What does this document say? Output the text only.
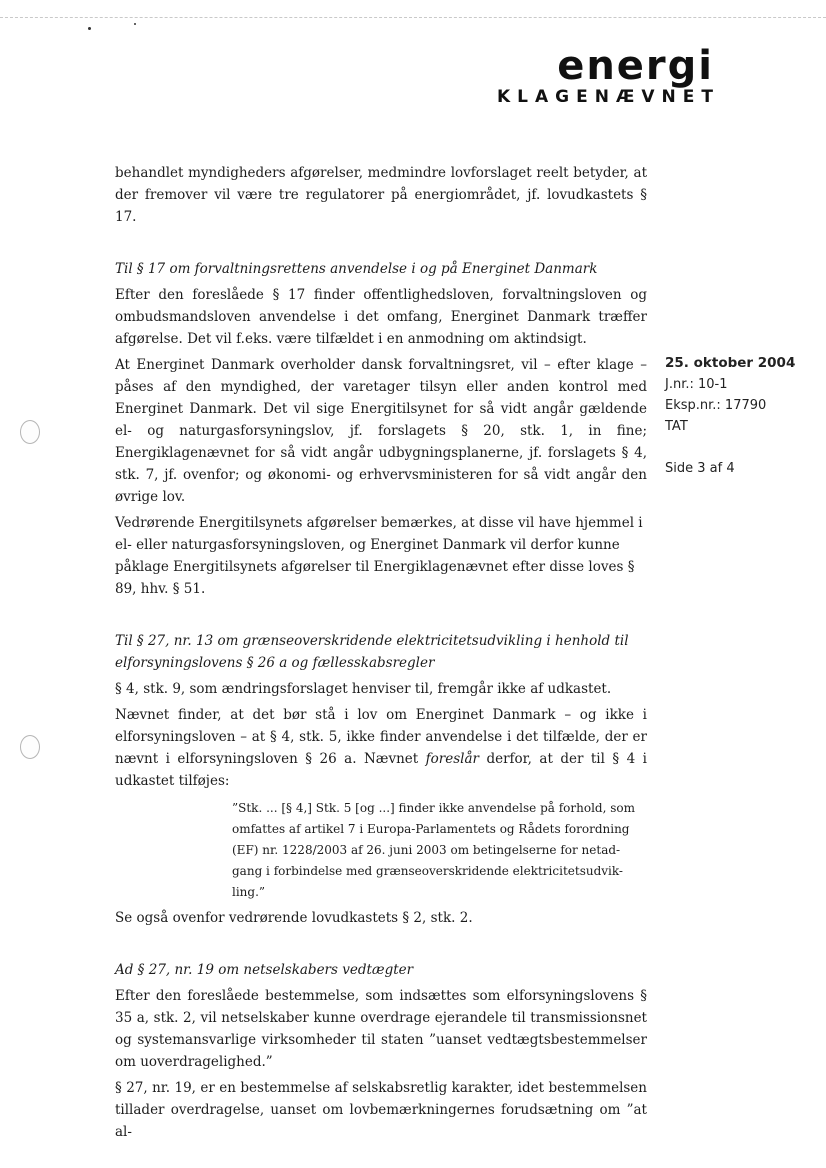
energi
KLAGENÆVNET
25. oktober 2004
J.nr.: 10-1
Eksp.nr.: 17790
TAT
Side 3 af 4

behandlet myndigheders afgørelser, medmindre lovforslaget reelt betyder, at der fremover vil være tre regulatorer på energiområdet, jf. lovudkastets § 17.

Til § 17 om forvaltningsrettens anvendelse i og på Energinet Danmark

Efter den foreslåede § 17 finder offentlighedsloven, forvaltningsloven og ombudsmandsloven anvendelse i det omfang, Energinet Danmark træffer afgørelse. Det vil f.eks. være tilfældet i en anmodning om aktindsigt.

At Energinet Danmark overholder dansk forvaltningsret, vil – efter klage – påses af den myndighed, der varetager tilsyn eller anden kontrol med Energinet Danmark. Det vil sige Energitilsynet for så vidt angår gældende el- og naturgasforsyningslov, jf. forslagets § 20, stk. 1, in fine; Energiklagenævnet for så vidt angår udbygningsplanerne, jf. forslagets § 4, stk. 7, jf. ovenfor; og økonomi- og erhvervsministeren for så vidt angår den øvrige lov.

Vedrørende Energitilsynets afgørelser bemærkes, at disse vil have hjemmel i el- eller naturgasforsyningsloven, og Energinet Danmark vil derfor kunne påklage Energitilsynets afgørelser til Energiklagenævnet efter disse loves § 89, hhv. § 51.

Til § 27, nr. 13 om grænseoverskridende elektricitetsudvikling i henhold til elforsyningslovens § 26 a og fællesskabsregler

§ 4, stk. 9, som ændringsforslaget henviser til, fremgår ikke af udkastet.

Nævnet finder, at det bør stå i lov om Energinet Danmark – og ikke i elforsyningsloven – at § 4, stk. 5, ikke finder anvendelse i det tilfælde, der er nævnt i elforsyningsloven § 26 a. Nævnet foreslår derfor, at der til § 4 i udkastet tilføjes:

”Stk. ... [§ 4,] Stk. 5 [og ...] finder ikke anvendelse på forhold, som
omfattes af artikel 7 i Europa-Parlamentets og Rådets forordning
(EF) nr. 1228/2003 af 26. juni 2003 om betingelserne for netad-
gang i forbindelse med grænseoverskridende elektricitetsudvik-
ling.”

Se også ovenfor vedrørende lovudkastets § 2, stk. 2.

Ad § 27, nr. 19 om netselskabers vedtægter

Efter den foreslåede bestemmelse, som indsættes som elforsyningslovens § 35 a, stk. 2, vil netselskaber kunne overdrage ejerandele til transmissionsnet og systemansvarlige virksomheder til staten ”uanset vedtægtsbestemmelser om uoverdragelighed.”

§ 27, nr. 19, er en bestemmelse af selskabsretlig karakter, idet bestemmelsen tillader overdragelse, uanset om lovbemærkningernes forudsætning om ”at al-
